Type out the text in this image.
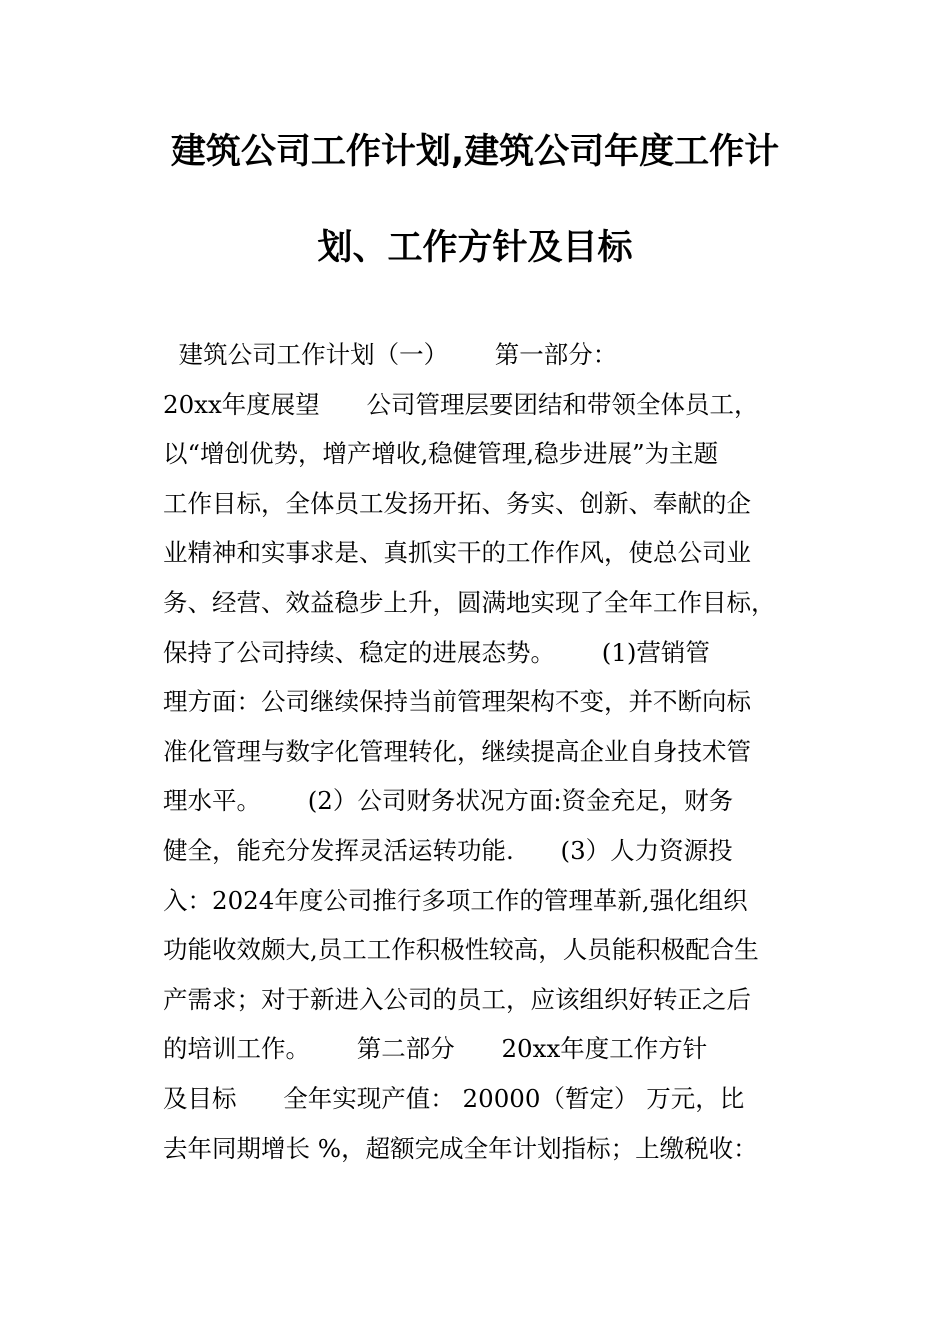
建筑公司工作计划,建筑公司年度工作计
划、工作方针及目标
建筑公司工作计划（一）      第一部分：
20xx年度展望      公司管理层要团结和带领全体员工，
以“增创优势，增产增收,稳健管理,稳步进展”为主题
工作目标，全体员工发扬开拓、务实、创新、奉献的企
业精神和实事求是、真抓实干的工作作风，使总公司业
务、经营、效益稳步上升，圆满地实现了全年工作目标，
保持了公司持续、稳定的进展态势。      (1)营销管
理方面：公司继续保持当前管理架构不变，并不断向标
准化管理与数字化管理转化，继续提高企业自身技术管
理水平。      (2）公司财务状况方面:资金充足，财务
健全，能充分发挥灵活运转功能.      (3）人力资源投
入：2024年度公司推行多项工作的管理革新,强化组织
功能收效颇大,员工工作积极性较高，人员能积极配合生
产需求；对于新进入公司的员工，应该组织好转正之后
的培训工作。      第二部分      20xx年度工作方针
及目标      全年实现产值： 20000（暂定） 万元，比
去年同期增长 %，超额完成全年计划指标；上缴税收：
